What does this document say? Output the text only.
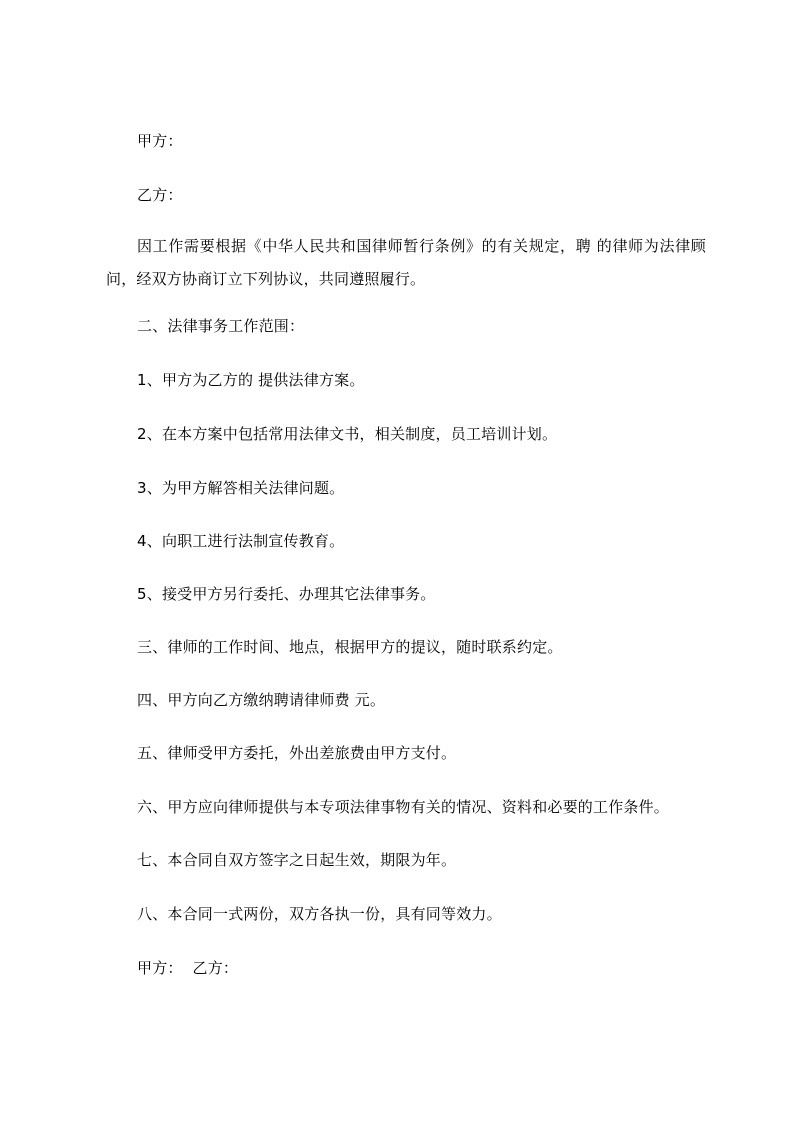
甲方：
乙方：
因工作需要根据《中华人民共和国律师暂行条例》的有关规定，聘 的律师为法律顾问，经双方协商订立下列协议，共同遵照履行。
二、法律事务工作范围：
1、甲方为乙方的 提供法律方案。
2、在本方案中包括常用法律文书，相关制度，员工培训计划。
3、为甲方解答相关法律问题。
4、向职工进行法制宣传教育。
5、接受甲方另行委托、办理其它法律事务。
三、律师的工作时间、地点，根据甲方的提议，随时联系约定。
四、甲方向乙方缴纳聘请律师费 元。
五、律师受甲方委托，外出差旅费由甲方支付。
六、甲方应向律师提供与本专项法律事物有关的情况、资料和必要的工作条件。
七、本合同自双方签字之日起生效，期限为年。
八、本合同一式两份，双方各执一份，具有同等效力。
甲方：  乙方：
